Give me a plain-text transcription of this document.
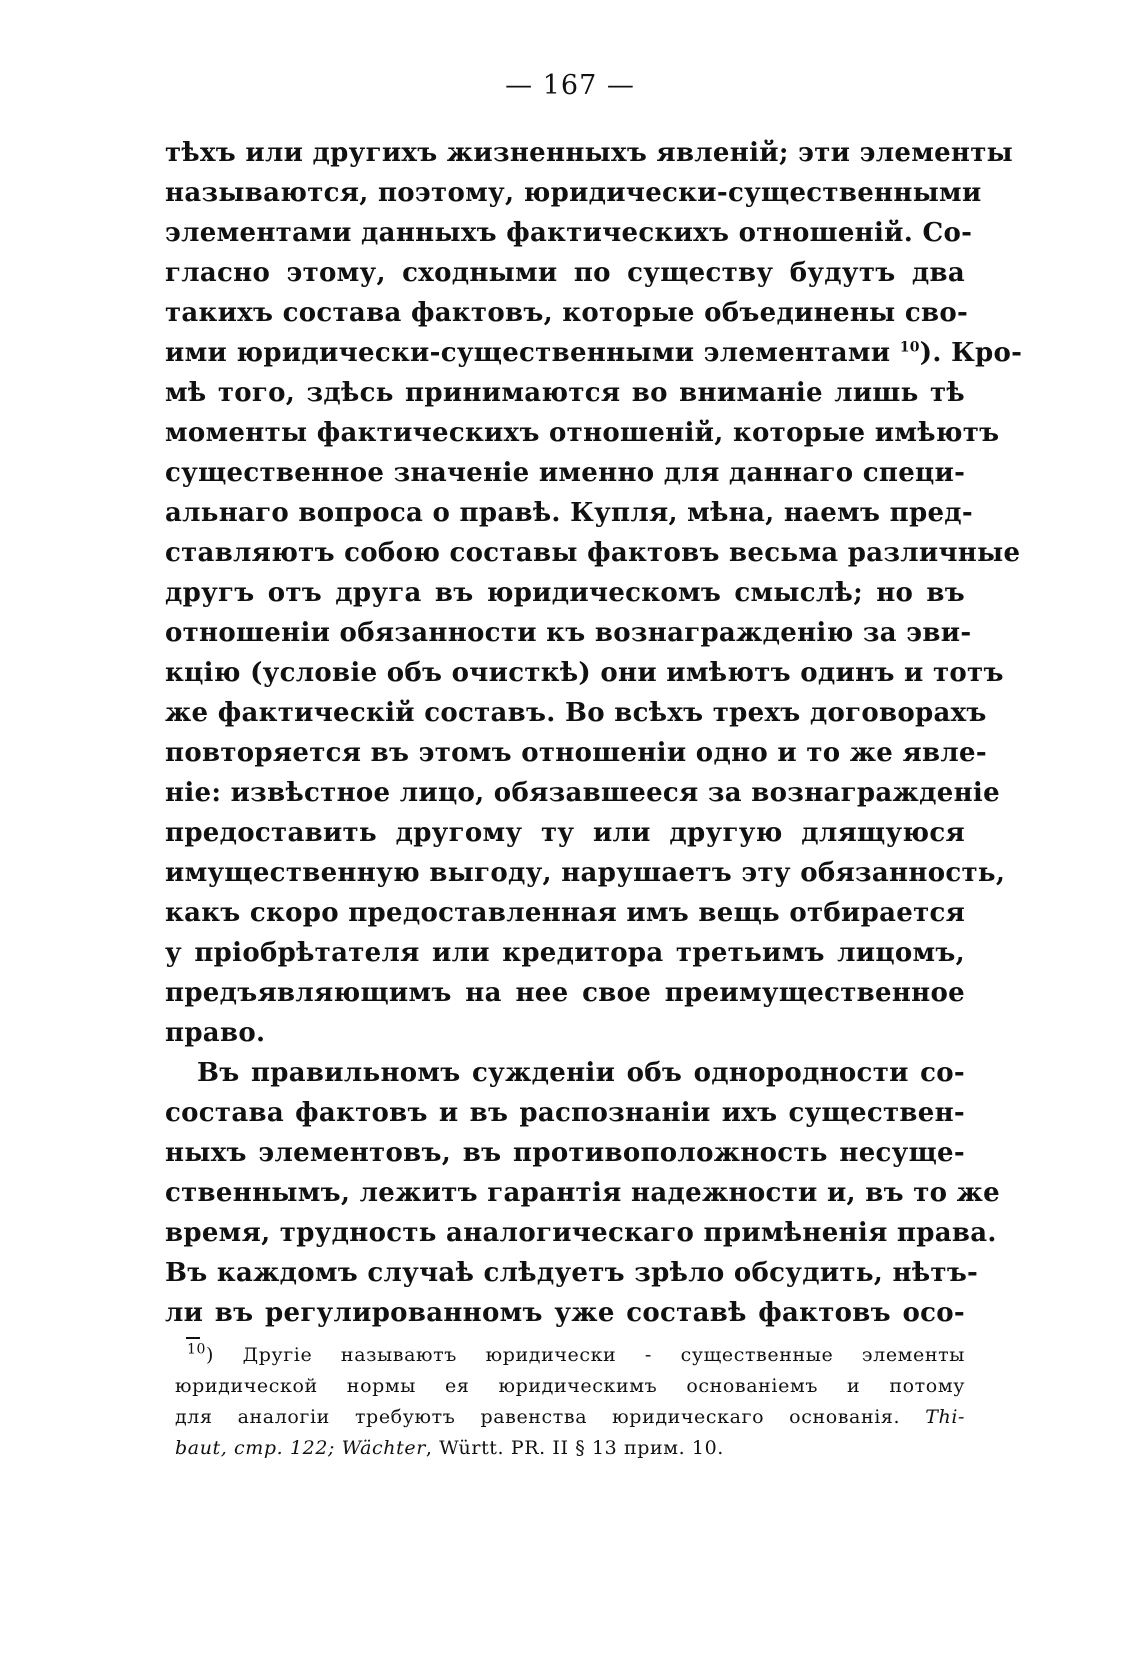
— 167 —
тѣхъ или другихъ жизненныхъ явленій; эти элементы
называются, поэтому, юридически-существенными
элементами данныхъ фактическихъ отношеній. Со-
гласно этому, сходными по существу будутъ два
такихъ состава фактовъ, которые объединены сво-
ими юридически-существенными элементами $^{10}$). Кро-
мѣ того, здѣсь принимаются во вниманіе лишь тѣ
моменты фактическихъ отношеній, которые имѣютъ
существенное значеніе именно для даннаго специ-
альнаго вопроса о правѣ. Купля, мѣна, наемъ пред-
ставляютъ собою составы фактовъ весьма различные
другъ отъ друга въ юридическомъ смыслѣ; но въ
отношеніи обязанности къ вознагражденію за эви-
кцію (условіе объ очисткѣ) они имѣютъ одинъ и тотъ
же фактическій составъ. Во всѣхъ трехъ договорахъ
повторяется въ этомъ отношеніи одно и то же явле-
ніе: извѣстное лицо, обязавшееся за вознагражденіе
предоставить другому ту или другую длящуюся
имущественную выгоду, нарушаетъ эту обязанность,
какъ скоро предоставленная имъ вещь отбирается
у пріобрѣтателя или кредитора третьимъ лицомъ,
предъявляющимъ на нее свое преимущественное
право.
Въ правильномъ сужденіи объ однородности со-
состава фактовъ и въ распознаніи ихъ существен-
ныхъ элементовъ, въ противоположность несуще-
ственнымъ, лежитъ гарантія надежности и, въ то же
время, трудность аналогическаго примѣненія права.
Въ каждомъ случаѣ слѣдуетъ зрѣло обсудить, нѣтъ-
ли въ регулированномъ уже составѣ фактовъ осо-
$^{10}$) Другіе называютъ юридически - существенные элементы
юридической нормы ея юридическимъ основаніемъ и потому
для аналогіи требуютъ равенства юридическаго основанія. Thi-
baut, стр. 122; Wächter, Württ. PR. II § 13 прим. 10.
